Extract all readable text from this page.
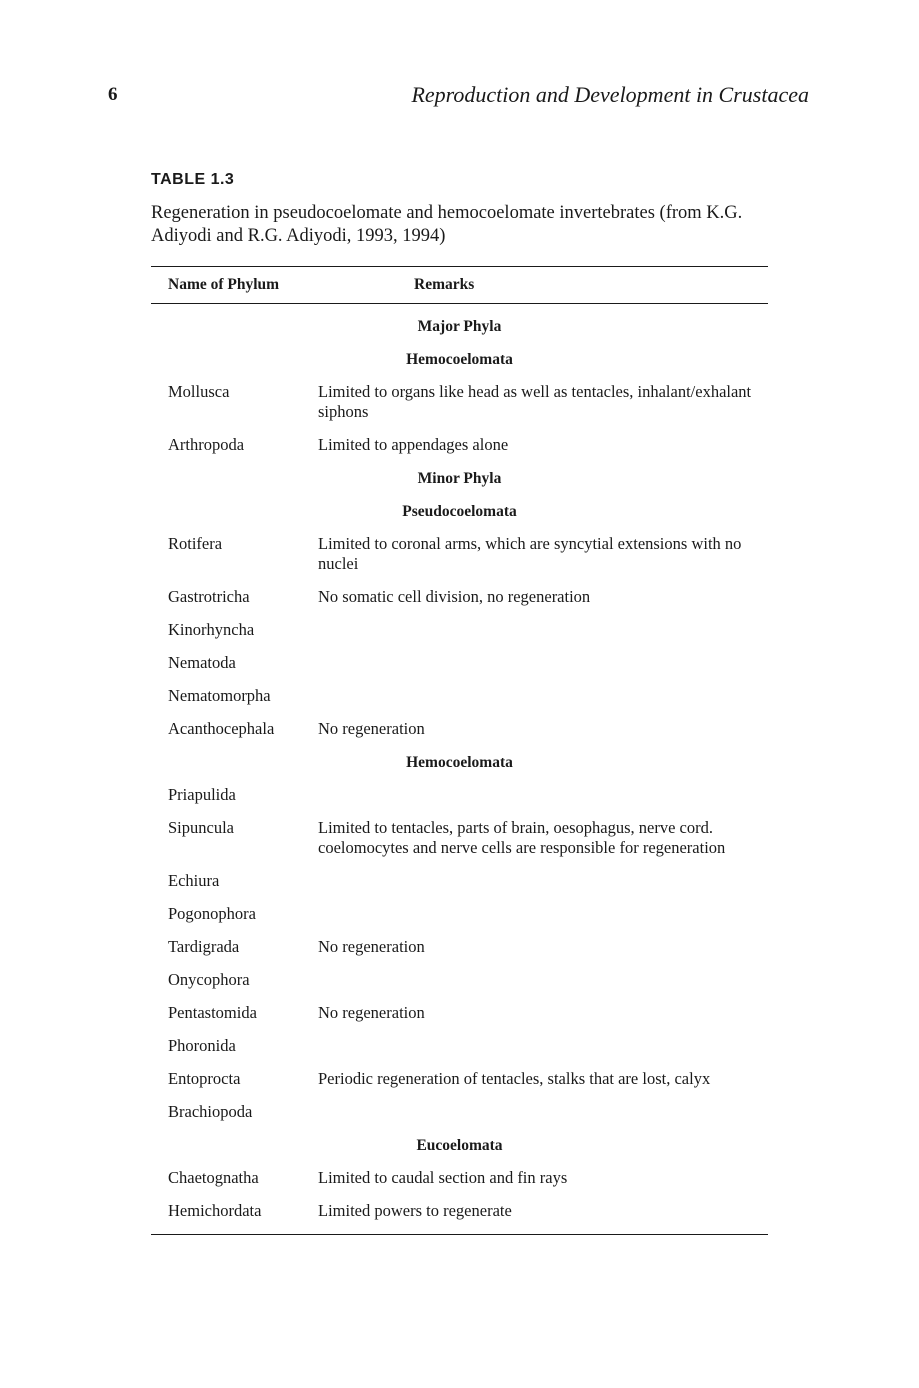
6	Reproduction and Development in Crustacea
TABLE 1.3
Regeneration in pseudocoelomate and hemocoelomate invertebrates (from K.G. Adiyodi and R.G. Adiyodi, 1993, 1994)
Name of Phylum	Remarks
Major Phyla
Hemocoelomata
Mollusca	Limited to organs like head as well as tentacles, inhalant/exhalant siphons
Arthropoda	Limited to appendages alone
Minor Phyla
Pseudocoelomata
Rotifera	Limited to coronal arms, which are syncytial extensions with no nuclei
Gastrotricha	No somatic cell division, no regeneration
Kinorhyncha
Nematoda
Nematomorpha
Acanthocephala	No regeneration
Hemocoelomata
Priapulida
Sipuncula	Limited to tentacles, parts of brain, oesophagus, nerve cord. coelomocytes and nerve cells are responsible for regeneration
Echiura
Pogonophora
Tardigrada	No regeneration
Onycophora
Pentastomida	No regeneration
Phoronida
Entoprocta	Periodic regeneration of tentacles, stalks that are lost, calyx
Brachiopoda
Eucoelomata
Chaetognatha	Limited to caudal section and fin rays
Hemichordata	Limited powers to regenerate
